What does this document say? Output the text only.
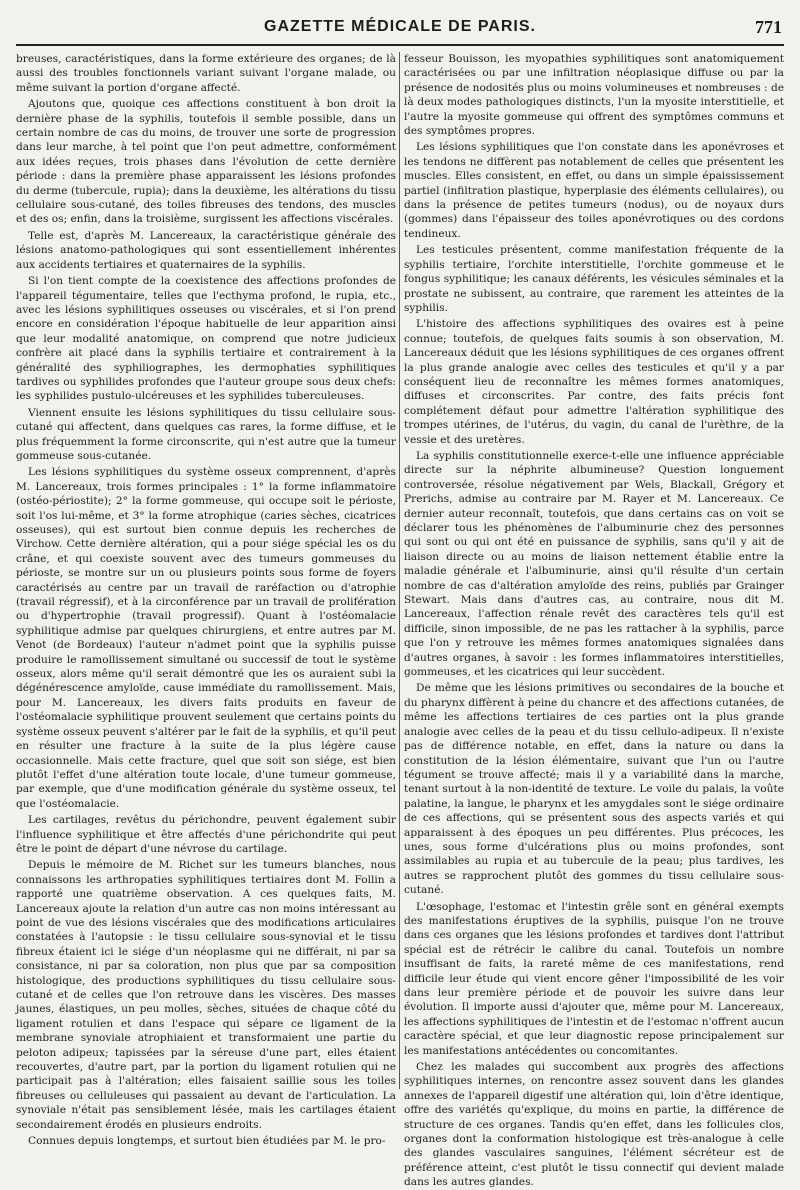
GAZETTE MÉDICALE DE PARIS.	771

breuses, caractéristiques, dans la forme extérieure des organes; de là aussi des troubles fonctionnels variant suivant l'organe malade, ou même suivant la portion d'organe affecté.

Ajoutons que, quoique ces affections constituent à bon droit la dernière phase de la syphilis, toutefois il semble possible, dans un certain nombre de cas du moins, de trouver une sorte de progression dans leur marche, à tel point que l'on peut admettre, conformément aux idées reçues, trois phases dans l'évolution de cette dernière période : dans la première phase apparaissent les lésions profondes du derme (tubercule, rupia); dans la deuxième, les altérations du tissu cellulaire sous-cutané, des toiles fibreuses des tendons, des muscles et des os; enfin, dans la troisième, surgissent les affections viscérales.

Telle est, d'après M. Lancereaux, la caractéristique générale des lésions anatomo-pathologiques qui sont essentiellement inhérentes aux accidents tertiaires et quaternaires de la syphilis.

Si l'on tient compte de la coexistence des affections profondes de l'appareil tégumentaire, telles que l'ecthyma profond, le rupia, etc., avec les lésions syphilitiques osseuses ou viscérales, et si l'on prend encore en considération l'époque habituelle de leur apparition ainsi que leur modalité anatomique, on comprend que notre judicieux confrère ait placé dans la syphilis tertiaire et contrairement à la généralité des syphiliographes, les dermophaties syphilitiques tardives ou syphilides profondes que l'auteur groupe sous deux chefs: les syphilides pustulo-ulcéreuses et les syphilides tuberculeuses.

Viennent ensuite les lésions syphilitiques du tissu cellulaire sous-cutané qui affectent, dans quelques cas rares, la forme diffuse, et le plus fréquemment la forme circonscrite, qui n'est autre que la tumeur gommeuse sous-cutanée.

Les lésions syphilitiques du système osseux comprennent, d'après M. Lancereaux, trois formes principales : 1° la forme inflammatoire (ostéo-périostite); 2° la forme gommeuse, qui occupe soit le périoste, soit l'os lui-même, et 3° la forme atrophique (caries sèches, cicatrices osseuses), qui est surtout bien connue depuis les recherches de Virchow. Cette dernière altération, qui a pour siége spécial les os du crâne, et qui coexiste souvent avec des tumeurs gommeuses du périoste, se montre sur un ou plusieurs points sous forme de foyers caractérisés au centre par un travail de raréfaction ou d'atrophie (travail régressif), et à la circonférence par un travail de prolifération ou d'hypertrophie (travail progressif). Quant à l'ostéomalacie syphilitique admise par quelques chirurgiens, et entre autres par M. Venot (de Bordeaux) l'auteur n'admet point que la syphilis puisse produire le ramollissement simultané ou successif de tout le système osseux, alors même qu'il serait démontré que les os auraient subi la dégénérescence amyloïde, cause immédiate du ramollissement. Mais, pour M. Lancereaux, les divers faits produits en faveur de l'ostéomalacie syphilitique prouvent seulement que certains points du système osseux peuvent s'altérer par le fait de la syphilis, et qu'il peut en résulter une fracture à la suite de la plus légère cause occasionnelle. Mais cette fracture, quel que soit son siége, est bien plutôt l'effet d'une altération toute locale, d'une tumeur gommeuse, par exemple, que d'une modification générale du système osseux, tel que l'ostéomalacie.

Les cartilages, revêtus du périchondre, peuvent également subir l'influence syphilitique et être affectés d'une périchondrite qui peut être le point de départ d'une névrose du cartilage.

Depuis le mémoire de M. Richet sur les tumeurs blanches, nous connaissons les arthropaties syphilitiques tertiaires dont M. Follin a rapporté une quatrième observation. A ces quelques faits, M. Lancereaux ajoute la relation d'un autre cas non moins intéressant au point de vue des lésions viscérales que des modifications articulaires constatées à l'autopsie : le tissu cellulaire sous-synovial et le tissu fibreux étaient ici le siége d'un néoplasme qui ne différait, ni par sa consistance, ni par sa coloration, non plus que par sa composition histologique, des productions syphilitiques du tissu cellulaire sous-cutané et de celles que l'on retrouve dans les viscères. Des masses jaunes, élastiques, un peu molles, sèches, situées de chaque côté du ligament rotulien et dans l'espace qui sépare ce ligament de la membrane synoviale atrophiaient et transformaient une partie du peloton adipeux; tapissées par la séreuse d'une part, elles étaient recouvertes, d'autre part, par la portion du ligament rotulien qui ne participait pas à l'altération; elles faisaient saillie sous les toiles fibreuses ou celluleuses qui passaient au devant de l'articulation. La synoviale n'était pas sensiblement lésée, mais les cartilages étaient secondairement érodés en plusieurs endroits.

Connues depuis longtemps, et surtout bien étudiées par M. le pro-

fesseur Bouisson, les myopathies syphilitiques sont anatomiquement caractérisées ou par une infiltration néoplasique diffuse ou par la présence de nodosités plus ou moins volumineuses et nombreuses : de là deux modes pathologiques distincts, l'un la myosite interstitielle, et l'autre la myosite gommeuse qui offrent des symptômes communs et des symptômes propres.

Les lésions syphilitiques que l'on constate dans les aponévroses et les tendons ne diffèrent pas notablement de celles que présentent les muscles. Elles consistent, en effet, ou dans un simple épaississement partiel (infiltration plastique, hyperplasie des éléments cellulaires), ou dans la présence de petites tumeurs (nodus), ou de noyaux durs (gommes) dans l'épaisseur des toiles aponévrotiques ou des cordons tendineux.

Les testicules présentent, comme manifestation fréquente de la syphilis tertiaire, l'orchite interstitielle, l'orchite gommeuse et le fongus syphilitique; les canaux déférents, les vésicules séminales et la prostate ne subissent, au contraire, que rarement les atteintes de la syphilis.

L'histoire des affections syphilitiques des ovaires est à peine connue; toutefois, de quelques faits soumis à son observation, M. Lancereaux déduit que les lésions syphilitiques de ces organes offrent la plus grande analogie avec celles des testicules et qu'il y a par conséquent lieu de reconnaître les mêmes formes anatomiques, diffuses et circonscrites. Par contre, des faits précis font complétement défaut pour admettre l'altération syphilitique des trompes utérines, de l'utérus, du vagin, du canal de l'urèthre, de la vessie et des uretères.

La syphilis constitutionnelle exerce-t-elle une influence appréciable directe sur la néphrite albumineuse? Question longuement controversée, résolue négativement par Wels, Blackall, Grégory et Prerichs, admise au contraire par M. Rayer et M. Lancereaux. Ce dernier auteur reconnaît, toutefois, que dans certains cas on voit se déclarer tous les phénomènes de l'albuminurie chez des personnes qui sont ou qui ont été en puissance de syphilis, sans qu'il y ait de liaison directe ou au moins de liaison nettement établie entre la maladie générale et l'albuminurie, ainsi qu'il résulte d'un certain nombre de cas d'altération amyloïde des reins, publiés par Grainger Stewart. Mais dans d'autres cas, au contraire, nous dit M. Lancereaux, l'affection rénale revêt des caractères tels qu'il est difficile, sinon impossible, de ne pas les rattacher à la syphilis, parce que l'on y retrouve les mêmes formes anatomiques signalées dans d'autres organes, à savoir : les formes inflammatoires interstitielles, gommeuses, et les cicatrices qui leur succèdent.

De même que les lésions primitives ou secondaires de la bouche et du pharynx diffèrent à peine du chancre et des affections cutanées, de même les affections tertiaires de ces parties ont la plus grande analogie avec celles de la peau et du tissu cellulo-adipeux. Il n'existe pas de différence notable, en effet, dans la nature ou dans la constitution de la lésion élémentaire, suivant que l'un ou l'autre tégument se trouve affecté; mais il y a variabilité dans la marche, tenant surtout à la non-identité de texture. Le voile du palais, la voûte palatine, la langue, le pharynx et les amygdales sont le siége ordinaire de ces affections, qui se présentent sous des aspects variés et qui apparaissent à des époques un peu différentes. Plus précoces, les unes, sous forme d'ulcérations plus ou moins profondes, sont assimilables au rupia et au tubercule de la peau; plus tardives, les autres se rapprochent plutôt des gommes du tissu cellulaire sous-cutané.

L'œsophage, l'estomac et l'intestin grêle sont en général exempts des manifestations éruptives de la syphilis, puisque l'on ne trouve dans ces organes que les lésions profondes et tardives dont l'attribut spécial est de rétrécir le calibre du canal. Toutefois un nombre insuffisant de faits, la rareté même de ces manifestations, rend difficile leur étude qui vient encore gêner l'impossibilité de les voir dans leur première période et de pouvoir les suivre dans leur évolution. Il importe aussi d'ajouter que, même pour M. Lancereaux, les affections syphilitiques de l'intestin et de l'estomac n'offrent aucun caractère spécial, et que leur diagnostic repose principalement sur les manifestations antécédentes ou concomitantes.

Chez les malades qui succombent aux progrès des affections syphilitiques internes, on rencontre assez souvent dans les glandes annexes de l'appareil digestif une altération qui, loin d'être identique, offre des variétés qu'explique, du moins en partie, la différence de structure de ces organes. Tandis qu'en effet, dans les follicules clos, organes dont la conformation histologique est très-analogue à celle des glandes vasculaires sanguines, l'élément sécréteur est de préférence atteint, c'est plutôt le tissu connectif qui devient malade dans les autres glandes.
